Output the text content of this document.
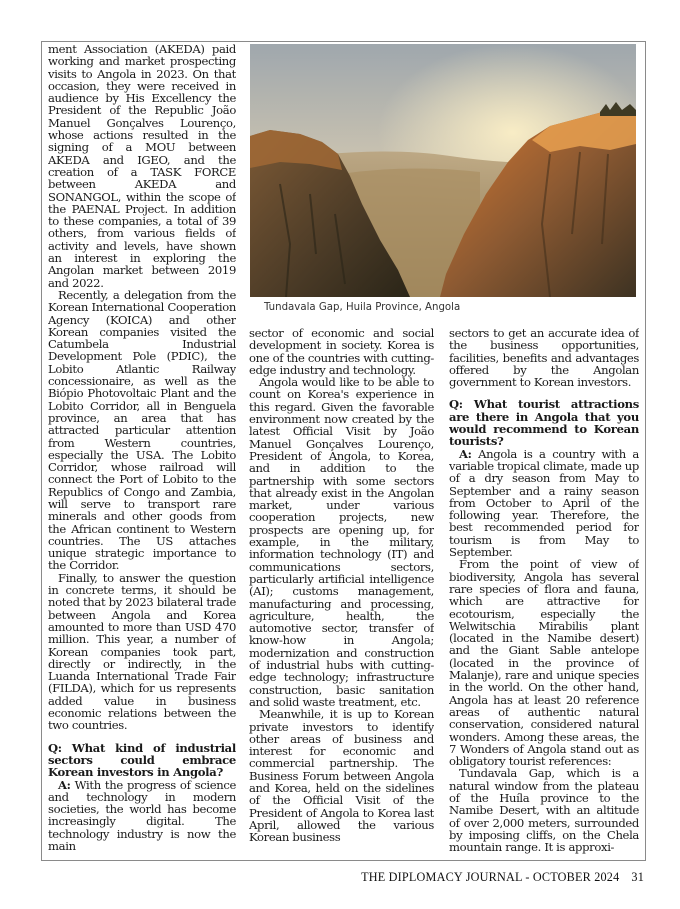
ment Association (AKEDA) paid working and market prospecting visits to Angola in 2023. On that occasion, they were received in audience by His Excellency the President of the Republic João Manuel Gonçalves Lourenço, whose actions resulted in the signing of a MOU between AKEDA and IGEO, and the creation of a TASK FORCE between AKEDA and SONANGOL, within the scope of the PAENAL Project. In addition to these companies, a total of 39 others, from various fields of activity and levels, have shown an interest in exploring the Angolan market between 2019 and 2022.

Recently, a delegation from the Korean International Cooperation Agency (KOICA) and other Korean companies visited the Catumbela Industrial Development Pole (PDIC), the Lobito Atlantic Railway concessionaire, as well as the Biópio Photovoltaic Plant and the Lobito Corridor, all in Benguela province, an area that has attracted particular attention from Western countries, especially the USA. The Lobito Corridor, whose railroad will connect the Port of Lobito to the Republics of Congo and Zambia, will serve to transport rare minerals and other goods from the African continent to Western countries. The US attaches unique strategic importance to the Corridor.

Finally, to answer the question in concrete terms, it should be noted that by 2023 bilateral trade between Angola and Korea amounted to more than USD 470 million. This year, a number of Korean companies took part, directly or indirectly, in the Luanda International Trade Fair (FILDA), which for us represents added value in business economic relations between the two countries.

Q: What kind of industrial sectors could embrace Korean investors in Angola?

A: With the progress of science and technology in modern societies, the world has become increasingly digital. The technology industry is now the main

Tundavala Gap, Huila Province, Angola

sector of economic and social development in society. Korea is one of the countries with cutting-edge industry and technology.

Angola would like to be able to count on Korea's experience in this regard. Given the favorable environment now created by the latest Official Visit by João Manuel Gonçalves Lourenço, President of Angola, to Korea, and in addition to the partnership with some sectors that already exist in the Angolan market, under various cooperation projects, new prospects are opening up, for example, in the military, information technology (IT) and communications sectors, particularly artificial intelligence (AI); customs management, manufacturing and processing, agriculture, health, the automotive sector, transfer of know-how in Angola; modernization and construction of industrial hubs with cutting-edge technology; infrastructure construction, basic sanitation and solid waste treatment, etc.

Meanwhile, it is up to Korean private investors to identify other areas of business and interest for economic and commercial partnership. The Business Forum between Angola and Korea, held on the sidelines of the Official Visit of the President of Angola to Korea last April, allowed the various Korean business

sectors to get an accurate idea of the business opportunities, facilities, benefits and advantages offered by the Angolan government to Korean investors.

Q: What tourist attractions are there in Angola that you would recommend to Korean tourists?

A: Angola is a country with a variable tropical climate, made up of a dry season from May to September and a rainy season from October to April of the following year. Therefore, the best recommended period for tourism is from May to September.

From the point of view of biodiversity, Angola has several rare species of flora and fauna, which are attractive for ecotourism, especially the Welwitschia Mirabilis plant (located in the Namibe desert) and the Giant Sable antelope (located in the province of Malanje), rare and unique species in the world. On the other hand, Angola has at least 20 reference areas of authentic natural conservation, considered natural wonders. Among these areas, the 7 Wonders of Angola stand out as obligatory tourist references:

Tundavala Gap, which is a natural window from the plateau of the Huíla province to the Namibe Desert, with an altitude of over 2,000 meters, surrounded by imposing cliffs, on the Chela mountain range. It is approxi-

THE DIPLOMACY JOURNAL - OCTOBER 2024 31
